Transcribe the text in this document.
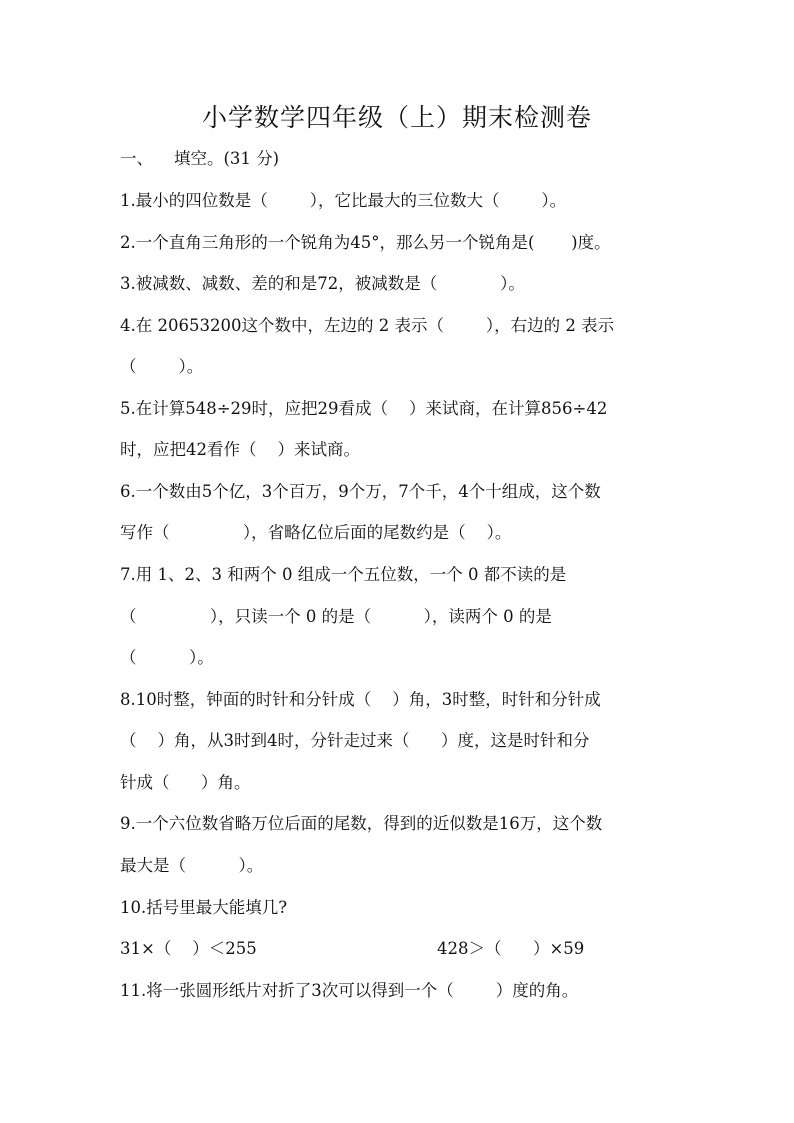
小学数学四年级（上）期末检测卷
一、    填空。(31 分)
1.最小的四位数是（        ），它比最大的三位数大（        ）。
2.一个直角三角形的一个锐角为45°，那么另一个锐角是(       )度。
3.被减数、减数、差的和是72，被减数是（            ）。
4.在 20653200这个数中，左边的 2 表示（        ），右边的 2 表示
（        ）。
5.在计算548÷29时，应把29看成（    ）来试商，在计算856÷42
时，应把42看作（    ）来试商。
6.一个数由5个亿，3个百万，9个万，7个千，4个十组成，这个数
写作（              ），省略亿位后面的尾数约是（    ）。
7.用 1、2、3 和两个 0 组成一个五位数，一个 0 都不读的是
（              ），只读一个 0 的是（          ），读两个 0 的是
（          ）。
8.10时整，钟面的时针和分针成（    ）角，3时整，时针和分针成
（    ）角，从3时到4时，分针走过来（      ）度，这是时针和分
针成（      ）角。
9.一个六位数省略万位后面的尾数，得到的近似数是16万，这个数
最大是（          ）。
10.括号里最大能填几?
31×（    ）＜255	428＞（      ）×59
11.将一张圆形纸片对折了3次可以得到一个（        ）度的角。
